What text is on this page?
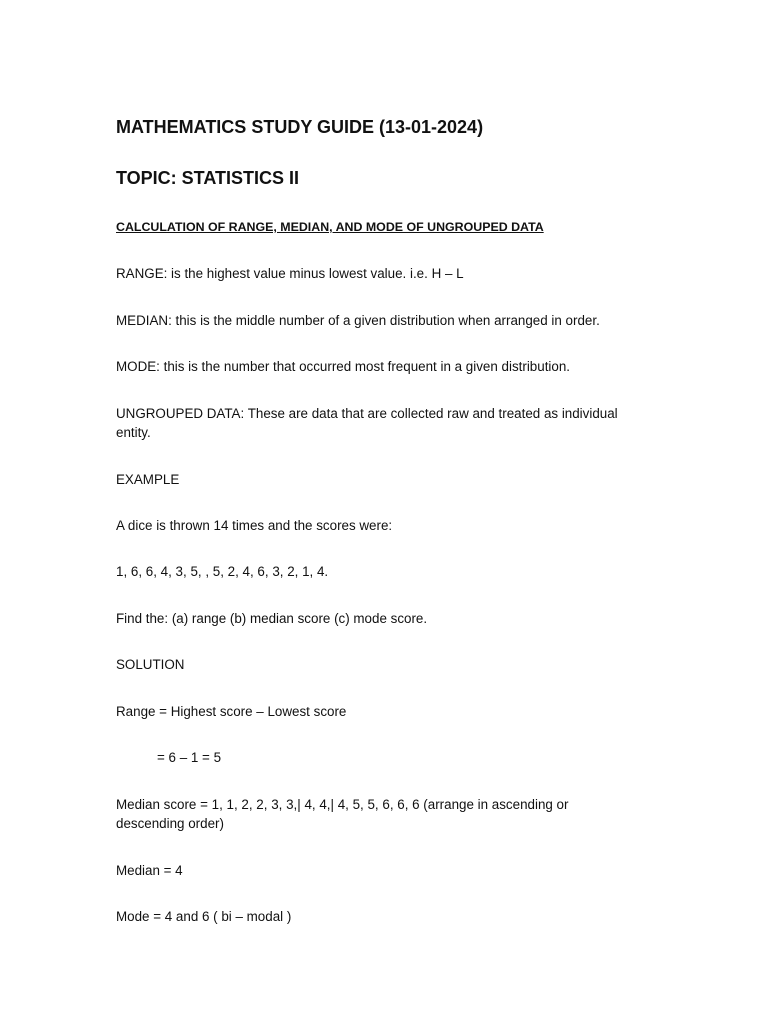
MATHEMATICS STUDY GUIDE (13-01-2024)
TOPIC: STATISTICS II
CALCULATION OF RANGE, MEDIAN, AND MODE OF UNGROUPED DATA
RANGE: is the highest value minus lowest value. i.e. H – L
MEDIAN: this is the middle number of a given distribution when arranged in order.
MODE: this is the number that occurred most frequent in a given distribution.
UNGROUPED DATA: These are data that are collected raw and treated as individual
entity.
EXAMPLE
A dice is thrown 14 times and the scores were:
1, 6, 6, 4, 3, 5, , 5, 2, 4, 6, 3, 2, 1, 4.
Find the: (a) range (b) median score (c) mode score.
SOLUTION
Range = Highest score – Lowest score
= 6 – 1 = 5
Median score = 1, 1, 2, 2, 3, 3,| 4, 4,| 4, 5, 5, 6, 6, 6 (arrange in ascending or
descending order)
Median = 4
Mode = 4 and 6 ( bi – modal )
